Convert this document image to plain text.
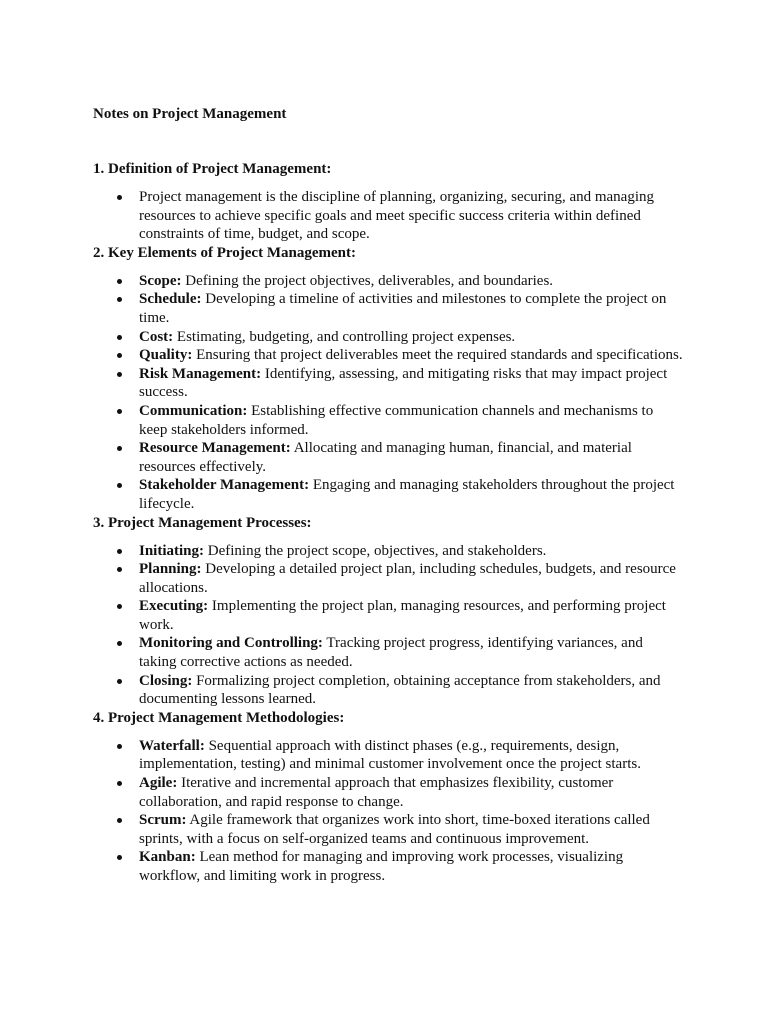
Notes on Project Management
1. Definition of Project Management:
Project management is the discipline of planning, organizing, securing, and managing resources to achieve specific goals and meet specific success criteria within defined constraints of time, budget, and scope.
2. Key Elements of Project Management:
Scope: Defining the project objectives, deliverables, and boundaries.
Schedule: Developing a timeline of activities and milestones to complete the project on time.
Cost: Estimating, budgeting, and controlling project expenses.
Quality: Ensuring that project deliverables meet the required standards and specifications.
Risk Management: Identifying, assessing, and mitigating risks that may impact project success.
Communication: Establishing effective communication channels and mechanisms to keep stakeholders informed.
Resource Management: Allocating and managing human, financial, and material resources effectively.
Stakeholder Management: Engaging and managing stakeholders throughout the project lifecycle.
3. Project Management Processes:
Initiating: Defining the project scope, objectives, and stakeholders.
Planning: Developing a detailed project plan, including schedules, budgets, and resource allocations.
Executing: Implementing the project plan, managing resources, and performing project work.
Monitoring and Controlling: Tracking project progress, identifying variances, and taking corrective actions as needed.
Closing: Formalizing project completion, obtaining acceptance from stakeholders, and documenting lessons learned.
4. Project Management Methodologies:
Waterfall: Sequential approach with distinct phases (e.g., requirements, design, implementation, testing) and minimal customer involvement once the project starts.
Agile: Iterative and incremental approach that emphasizes flexibility, customer collaboration, and rapid response to change.
Scrum: Agile framework that organizes work into short, time-boxed iterations called sprints, with a focus on self-organized teams and continuous improvement.
Kanban: Lean method for managing and improving work processes, visualizing workflow, and limiting work in progress.
